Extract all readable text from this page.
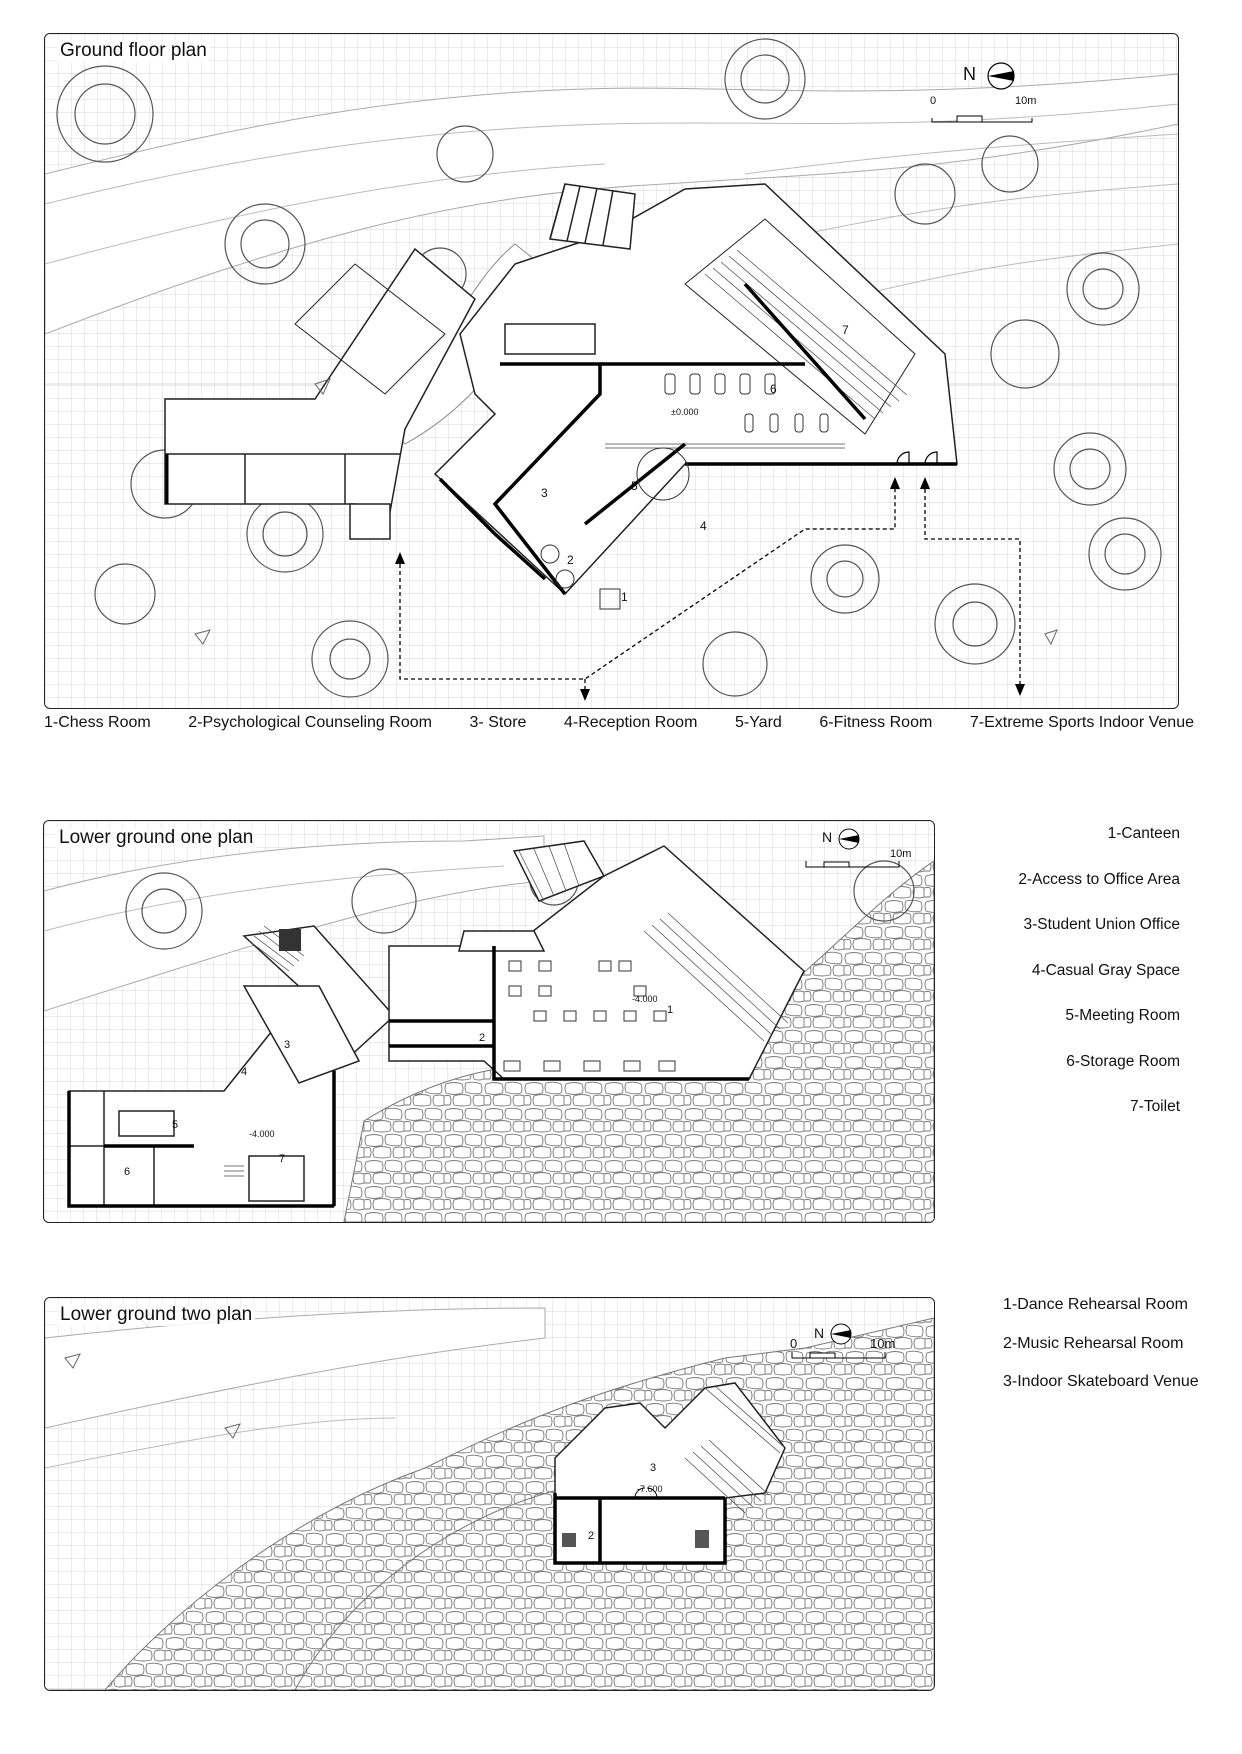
Ground floor plan
1
2
3
4
5
6
7
±0.000
N
0	10m
1-Chess Room 2-Psychological Counseling Room 3- Store 4-Reception Room 5-Yard 6-Fitness Room 7-Extreme Sports Indoor Venue
Lower ground one plan
1
2
3
4
5
6
7
-4.000
-4.000
N
10m
1-Canteen
2-Access to Office Area
3-Student Union Office
4-Casual Gray Space
5-Meeting Room
6-Storage Room
7-Toilet
Lower ground two plan
2
3
-7.600
N
0	10m
1-Dance Rehearsal Room
2-Music Rehearsal Room
3-Indoor Skateboard Venue
